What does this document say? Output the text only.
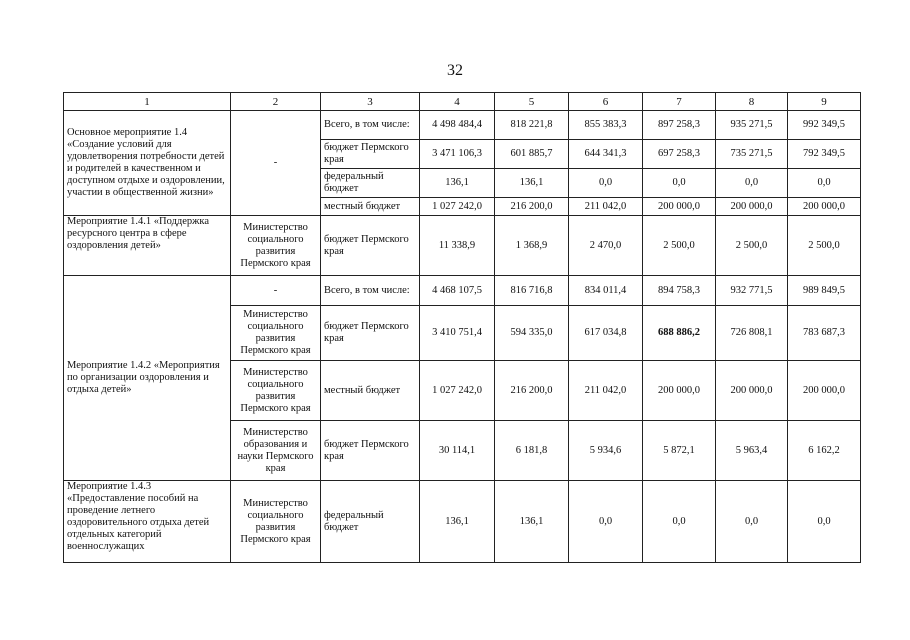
32
1	2	3	4	5	6	7	8	9
Основное мероприятие 1.4 «Создание условий для удовлетворения потребности детей и родителей в качественном и доступном отдыхе и оздоровлении, участии в общественной жизни»	-	Всего, в том числе:	4 498 484,4	818 221,8	855 383,3	897 258,3	935 271,5	992 349,5
		бюджет Пермского края	3 471 106,3	601 885,7	644 341,3	697 258,3	735 271,5	792 349,5
		федеральный бюджет	136,1	136,1	0,0	0,0	0,0	0,0
		местный бюджет	1 027 242,0	216 200,0	211 042,0	200 000,0	200 000,0	200 000,0
Мероприятие 1.4.1 «Поддержка ресурсного центра в сфере оздоровления детей»	Министерство социального развития Пермского края	бюджет Пермского края	11 338,9	1 368,9	2 470,0	2 500,0	2 500,0	2 500,0
Мероприятие 1.4.2 «Мероприятия по организации оздоровления и отдыха детей»	-	Всего, в том числе:	4 468 107,5	816 716,8	834 011,4	894 758,3	932 771,5	989 849,5
	Министерство социального развития Пермского края	бюджет Пермского края	3 410 751,4	594 335,0	617 034,8	688 886,2	726 808,1	783 687,3
	Министерство социального развития Пермского края	местный бюджет	1 027 242,0	216 200,0	211 042,0	200 000,0	200 000,0	200 000,0
	Министерство образования и науки Пермского края	бюджет Пермского края	30 114,1	6 181,8	5 934,6	5 872,1	5 963,4	6 162,2
Мероприятие 1.4.3 «Предоставление пособий на проведение летнего оздоровительного отдыха детей отдельных категорий военнослужащих	Министерство социального развития Пермского края	федеральный бюджет	136,1	136,1	0,0	0,0	0,0	0,0
